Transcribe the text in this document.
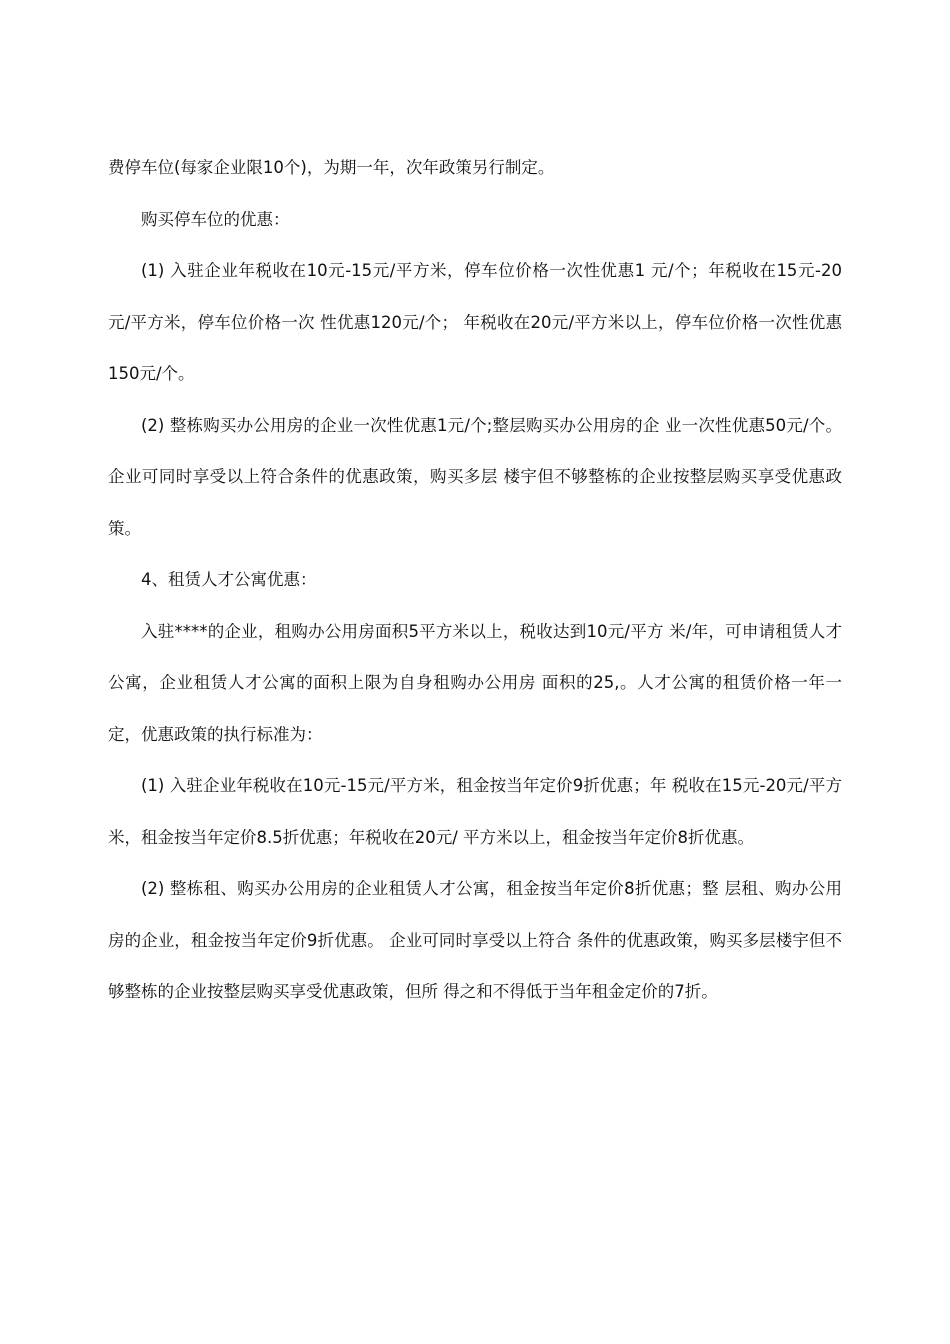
费停车位(每家企业限10个)，为期一年，次年政策另行制定。

购买停车位的优惠：

(1) 入驻企业年税收在10元-15元/平方米，停车位价格一次性优惠1 元/个；年税收在15元-20元/平方米，停车位价格一次 性优惠120元/个； 年税收在20元/平方米以上，停车位价格一次性优惠150元/个。

(2) 整栋购买办公用房的企业一次性优惠1元/个;整层购买办公用房的企 业一次性优惠50元/个。企业可同时享受以上符合条件的优惠政策，购买多层 楼宇但不够整栋的企业按整层购买享受优惠政策。

4、租赁人才公寓优惠：

入驻****的企业，租购办公用房面积5平方米以上，税收达到10元/平方 米/年，可申请租赁人才公寓，企业租赁人才公寓的面积上限为自身租购办公用房 面积的25,。人才公寓的租赁价格一年一定，优惠政策的执行标准为：

(1) 入驻企业年税收在10元-15元/平方米，租金按当年定价9折优惠；年 税收在15元-20元/平方米，租金按当年定价8.5折优惠；年税收在20元/ 平方米以上，租金按当年定价8折优惠。

(2) 整栋租、购买办公用房的企业租赁人才公寓，租金按当年定价8折优惠；整 层租、购办公用房的企业，租金按当年定价9折优惠。 企业可同时享受以上符合 条件的优惠政策，购买多层楼宇但不够整栋的企业按整层购买享受优惠政策，但所 得之和不得低于当年租金定价的7折。
